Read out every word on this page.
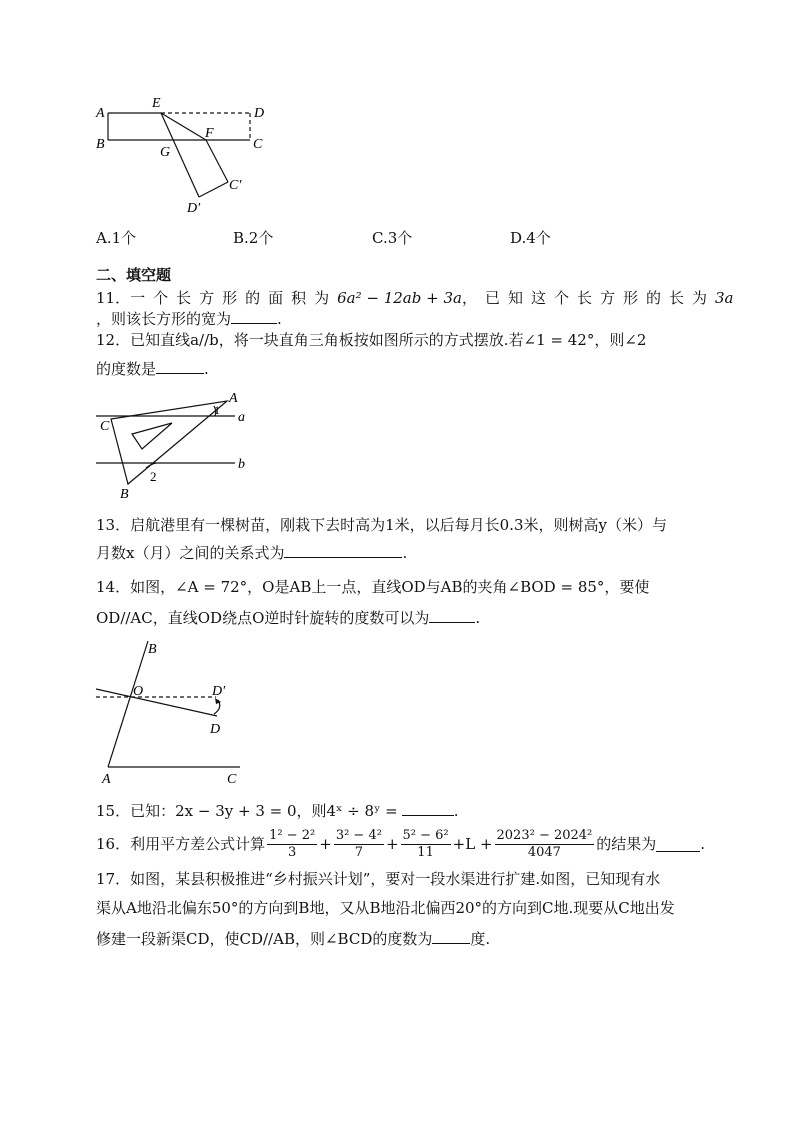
A
B
E
D
F
G
C
C′
D′
A.1个	B.2个	C.3个	D.4个
二、填空题
11． 一个长方形的面积为 6a² − 12ab + 3a ，已知这个长方形的长为 3a
，则该长方形的宽为	.
12．已知直线a//b，将一块直角三角板按如图所示的方式摆放.若∠1 = 42°，则∠2
的度数是	.
A
C
B
a
b
1
2
13．启航港里有一棵树苗，刚栽下去时高为1米，以后每月长0.3米，则树高y（米）与
月数x（月）之间的关系式为	.
14．如图，∠A = 72°，O是AB上一点，直线OD与AB的夹角∠BOD = 85°，要使
OD//AC，直线OD绕点O逆时针旋转的度数可以为	.
B
O	D′
D
A	C
15．已知：2x − 3y + 3 = 0，则4ˣ ÷ 8ʸ =	.
16． 利用平方差公式计算 $\frac{\text{1² − 2²}}{3} + \frac{\text{3² − 4²}}{7} + \frac{\text{5² − 6²}}{11} +L + \frac{\text{2023² − 2024²}}{4047}$ 的结果为	.
17．如图，某县积极推进“乡村振兴计划”，要对一段水渠进行扩建.如图，已知现有水
渠从A地沿北偏东50°的方向到B地，又从B地沿北偏西20°的方向到C地.现要从C地出发
修建一段新渠CD，使CD//AB，则∠BCD的度数为	度.
